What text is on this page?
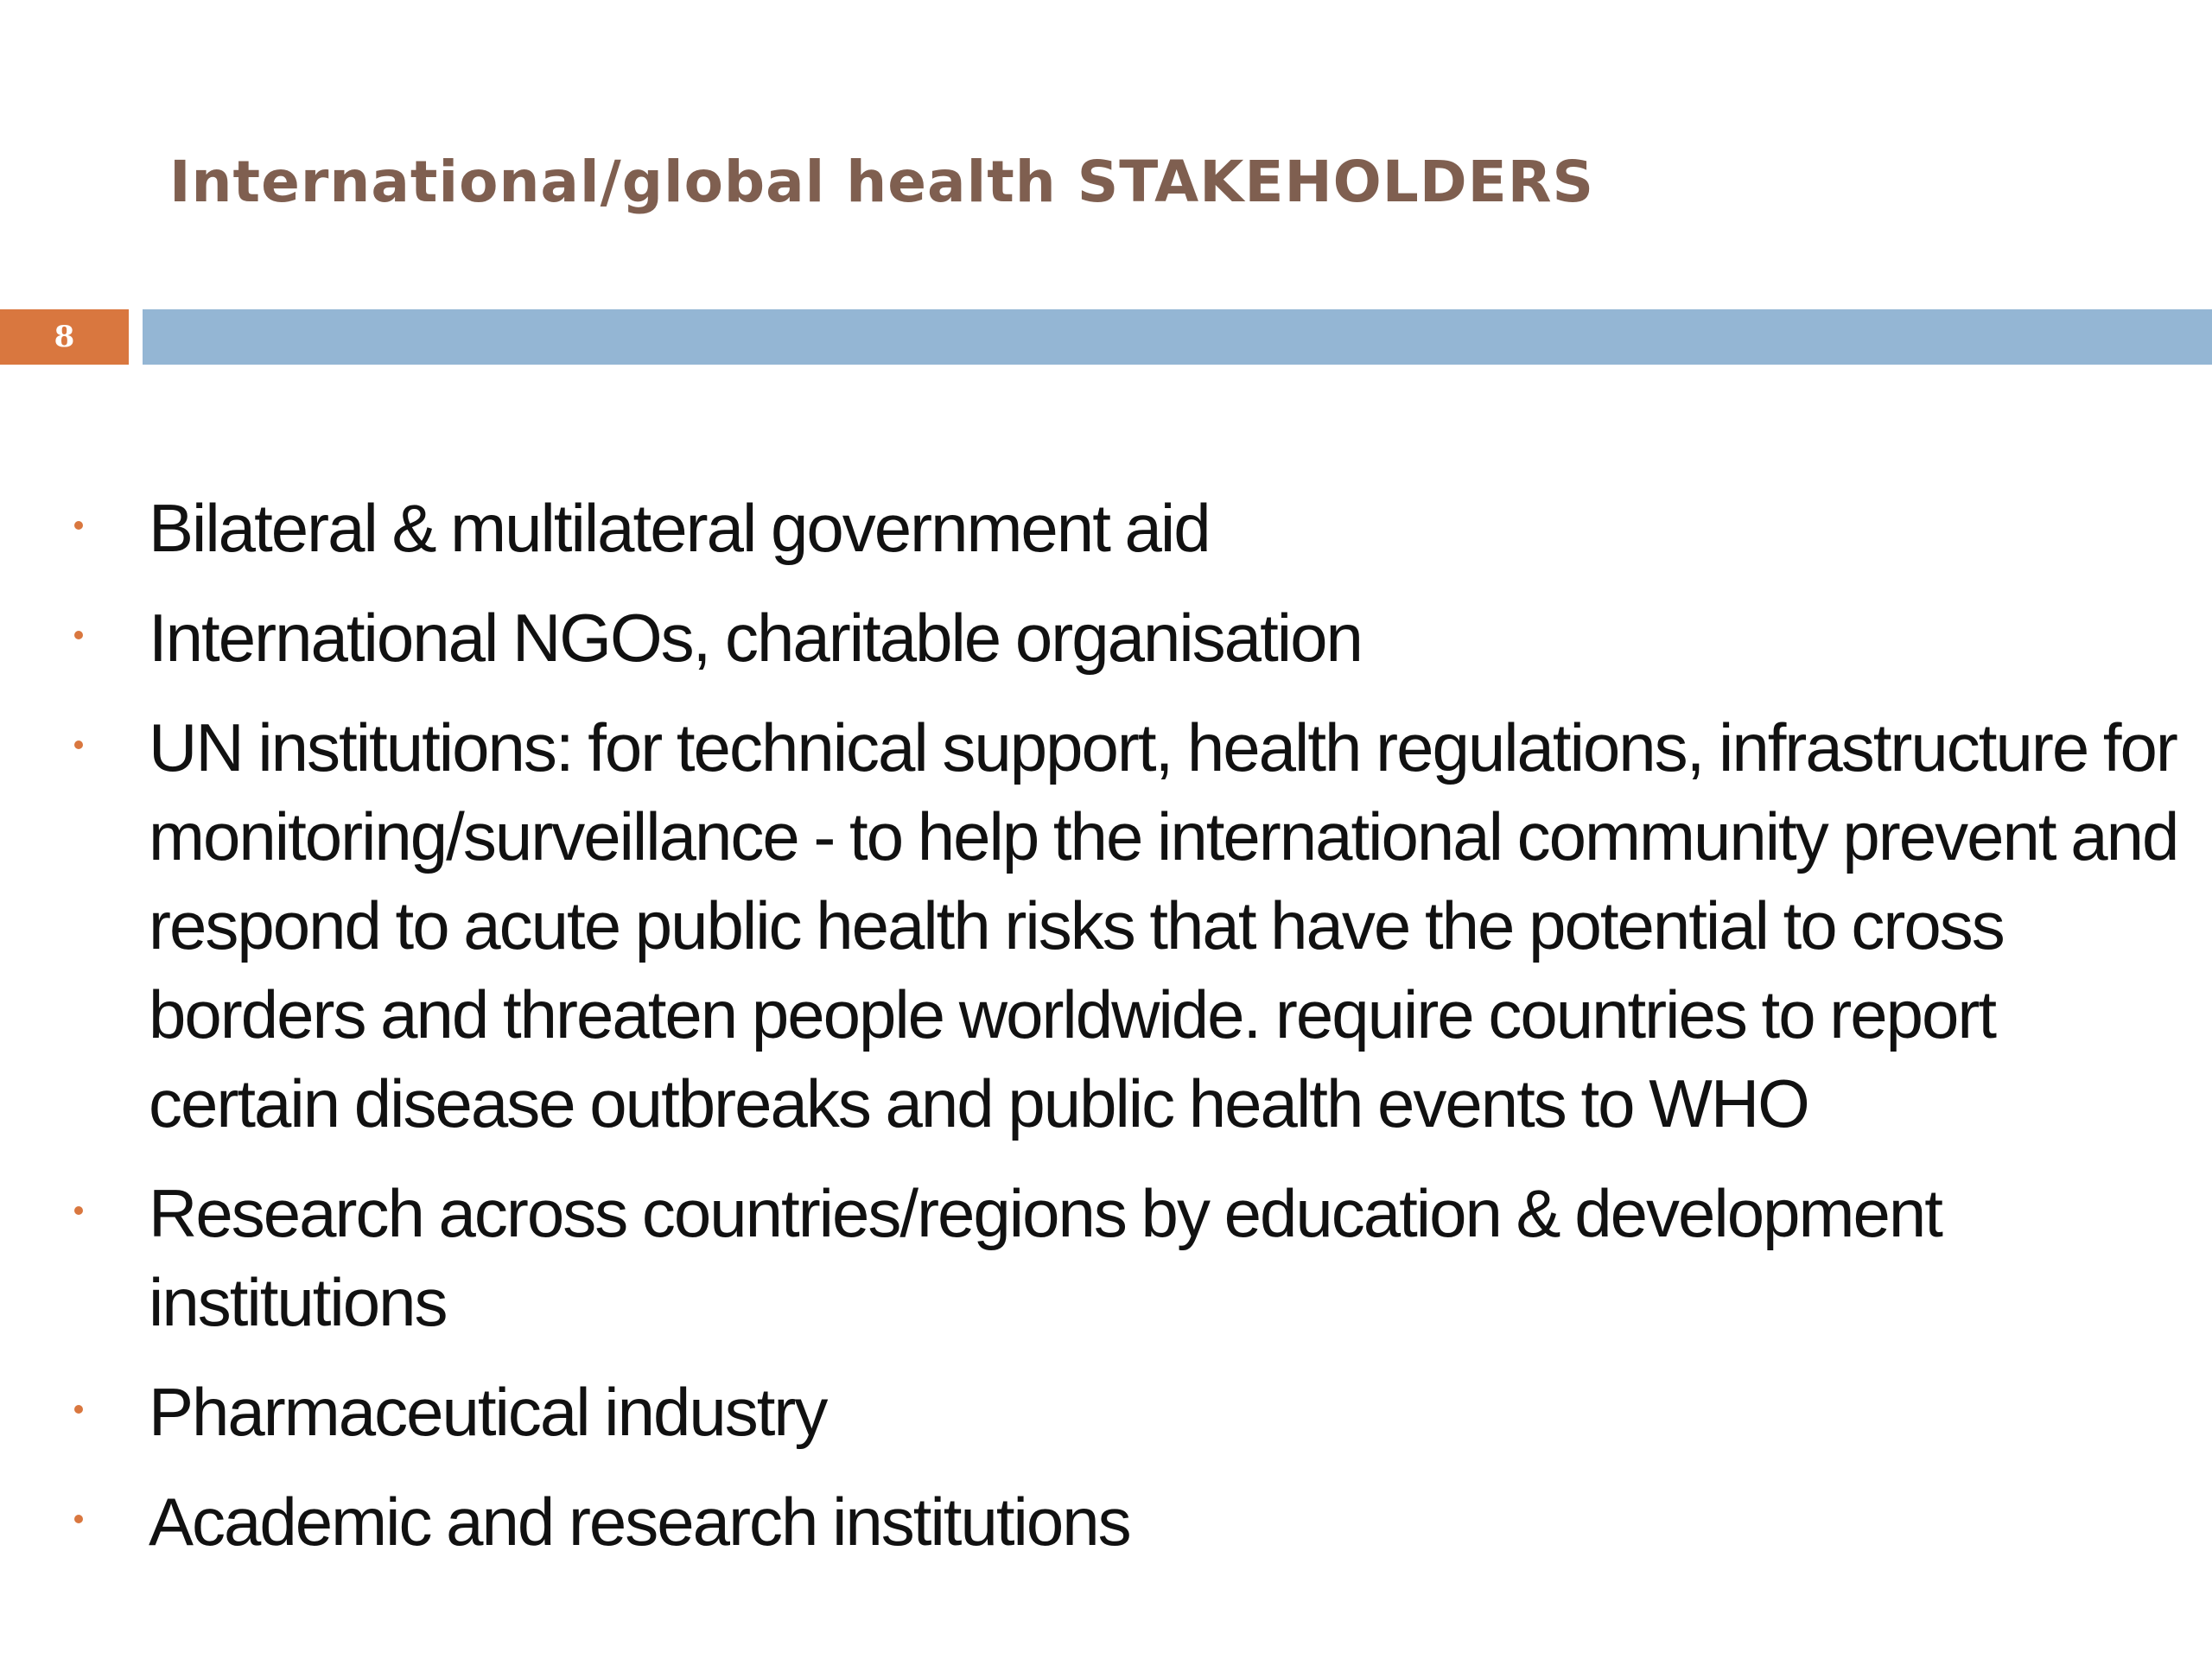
International/global health STAKEHOLDERS
8
Bilateral & multilateral government aid
International NGOs, charitable organisation
UN institutions: for technical support, health regulations, infrastructure for monitoring/surveillance - to help the international community prevent and respond to acute public health risks that have the potential to cross borders and threaten people worldwide. require countries to report certain disease outbreaks and public health events to WHO
Research across countries/regions by education & development institutions
Pharmaceutical industry
Academic and research institutions
